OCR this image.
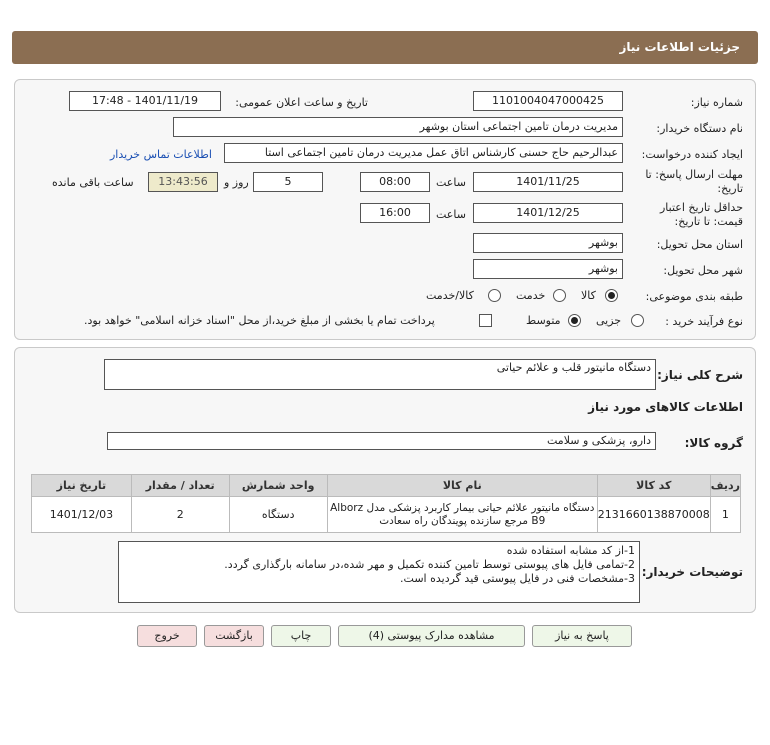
جزئيات اطلاعات نياز
شماره نياز:
1101004047000425
تاريخ و ساعت اعلان عمومی:
1401/11/19 - 17:48
نام دستگاه خريدار:
مديريت درمان تامين اجتماعی استان بوشهر
ايجاد کننده درخواست:
عبدالرحيم حاج حسنی کارشناس اتاق عمل مديريت درمان تامين اجتماعی استا
اطلاعات تماس خريدار
مهلت ارسال پاسخ: تا
تاريخ:
1401/11/25
ساعت
08:00
5
روز و
13:43:56
ساعت باقی مانده
حداقل تاريخ اعتبار
قيمت: تا تاريخ:
1401/12/25
ساعت
16:00
استان محل تحويل:
بوشهر
شهر محل تحويل:
بوشهر
طبقه بندی موضوعی:
کالا
خدمت
کالا/خدمت
نوع فرآيند خريد :
جزيی
متوسط
پرداخت تمام يا بخشی از مبلغ خريد،از محل "اسناد خزانه اسلامی" خواهد بود.
شرح کلی نياز:
دستگاه مانيتور قلب و علائم حياتی
اطلاعات کالاهای مورد نياز
گروه کالا:
دارو، پزشکی و سلامت
رديف	کد کالا	نام کالا	واحد شمارش	تعداد / مقدار	تاريخ نياز
1	2131660138870008	دستگاه مانيتور علائم حياتی بيمار کاربرد پزشکی مدل Alborz
B9 مرجع سازنده پويندگان راه سعادت	دستگاه	2	1401/12/03
توضيحات خريدار:
1-از کد مشابه استفاده شده
2-تمامی فايل های پيوستی توسط تامين کننده تکميل و مهر شده،در سامانه بارگذاری گردد.
3-مشخصات فنی در فايل پيوستی قيد گرديده است.
پاسخ به نياز
مشاهده مدارک پيوستی (4)
چاپ
بازگشت
خروج
